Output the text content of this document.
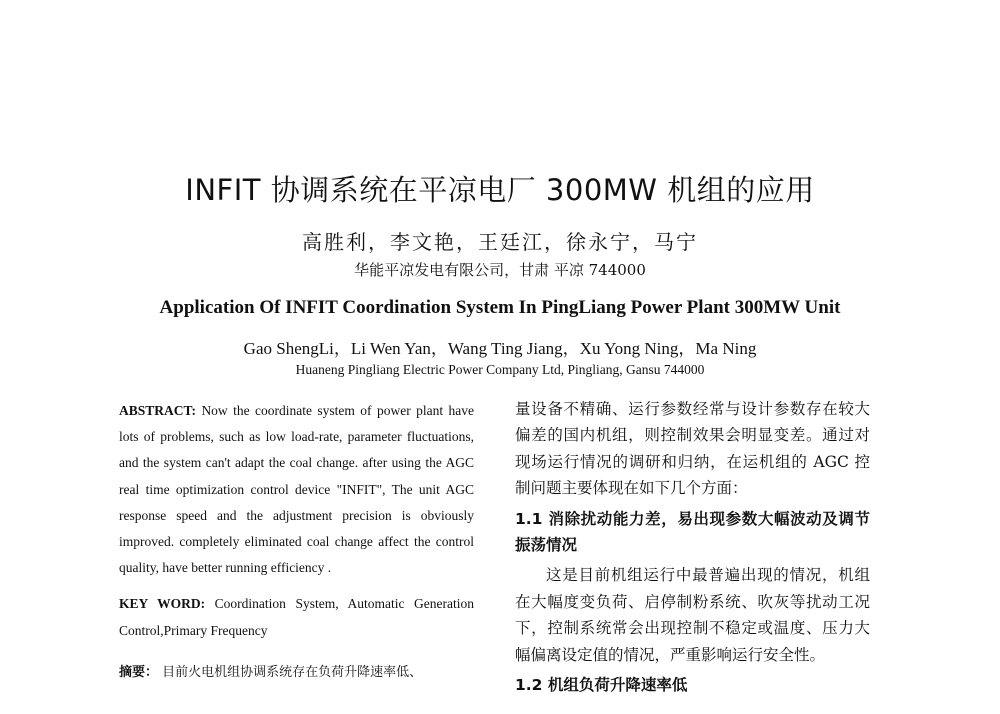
INFIT 协调系统在平凉电厂 300MW 机组的应用
高胜利，李文艳，王廷江，徐永宁，马宁
华能平凉发电有限公司，甘肃 平凉 744000
Application Of INFIT Coordination System In PingLiang Power Plant 300MW Unit
Gao ShengLi，Li Wen Yan，Wang Ting Jiang，Xu Yong Ning，Ma Ning
Huaneng Pingliang Electric Power Company Ltd, Pingliang, Gansu 744000

ABSTRACT: Now the coordinate system of power plant have lots of problems, such as low load-rate, parameter fluctuations, and the system can't adapt the coal change. after using the AGC real time optimization control device "INFIT", The unit AGC response speed and the adjustment precision is obviously improved. completely eliminated coal change affect the control quality, have better running efficiency .

KEY WORD: Coordination System, Automatic Generation Control,Primary Frequency

摘要： 目前火电机组协调系统存在负荷升降速率低、

量设备不精确、运行参数经常与设计参数存在较大偏差的国内机组，则控制效果会明显变差。通过对现场运行情况的调研和归纳，在运机组的 AGC 控制问题主要体现在如下几个方面：

1.1 消除扰动能力差，易出现参数大幅波动及调节振荡情况

这是目前机组运行中最普遍出现的情况，机组在大幅度变负荷、启停制粉系统、吹灰等扰动工况下，控制系统常会出现控制不稳定或温度、压力大幅偏离设定值的情况，严重影响运行安全性。

1.2 机组负荷升降速率低
